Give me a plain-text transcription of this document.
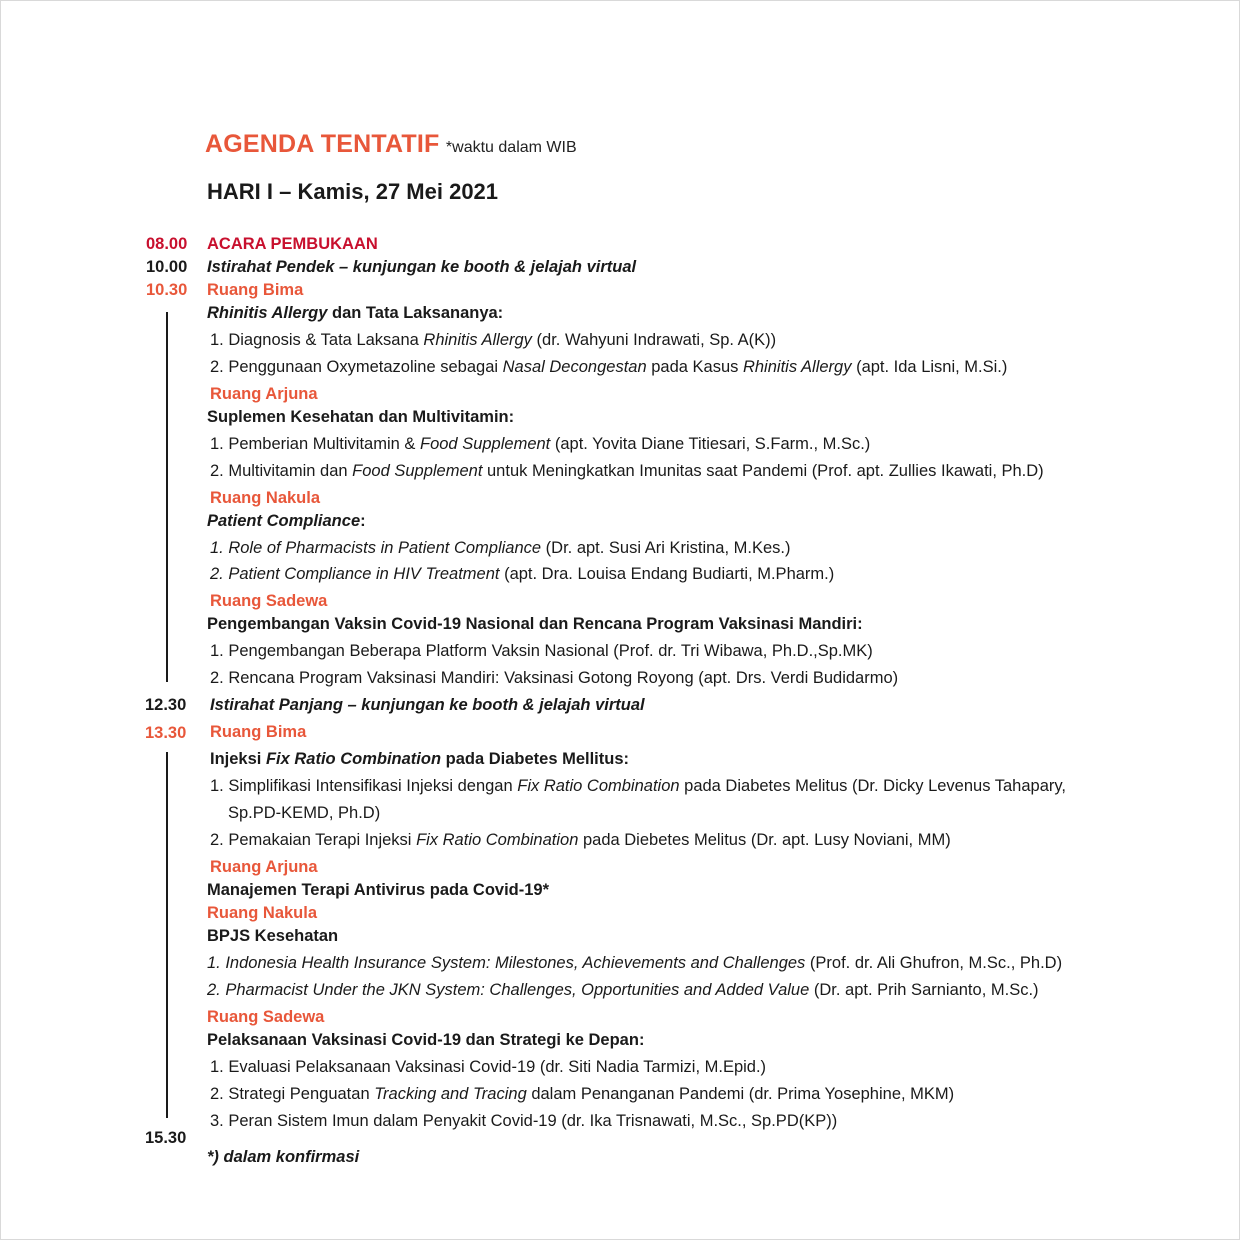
AGENDA TENTATIF *waktu dalam WIB
HARI I – Kamis, 27 Mei 2021
08.00
10.00
10.30
12.30
13.30
15.30
ACARA PEMBUKAAN
Istirahat Pendek – kunjungan ke booth & jelajah virtual
Ruang Bima
Rhinitis Allergy dan Tata Laksananya:
1. Diagnosis & Tata Laksana Rhinitis Allergy (dr. Wahyuni Indrawati, Sp. A(K))
2. Penggunaan Oxymetazoline sebagai Nasal Decongestan pada Kasus Rhinitis Allergy (apt. Ida Lisni, M.Si.)
Ruang Arjuna
Suplemen Kesehatan dan Multivitamin:
1. Pemberian Multivitamin & Food Supplement (apt. Yovita Diane Titiesari, S.Farm., M.Sc.)
2. Multivitamin dan Food Supplement untuk Meningkatkan Imunitas saat Pandemi (Prof. apt. Zullies Ikawati, Ph.D)
Ruang Nakula
Patient Compliance:
1. Role of Pharmacists in Patient Compliance (Dr. apt. Susi Ari Kristina, M.Kes.)
2. Patient Compliance in HIV Treatment (apt. Dra. Louisa Endang Budiarti, M.Pharm.)
Ruang Sadewa
Pengembangan Vaksin Covid-19 Nasional dan Rencana Program Vaksinasi Mandiri:
1. Pengembangan Beberapa Platform Vaksin Nasional (Prof. dr. Tri Wibawa, Ph.D.,Sp.MK)
2. Rencana Program Vaksinasi Mandiri: Vaksinasi Gotong Royong (apt. Drs. Verdi Budidarmo)
Istirahat Panjang – kunjungan ke booth & jelajah virtual
Ruang Bima
Injeksi Fix Ratio Combination pada Diabetes Mellitus:
1. Simplifikasi Intensifikasi Injeksi dengan Fix Ratio Combination pada Diabetes Melitus (Dr. Dicky Levenus Tahapary,
Sp.PD-KEMD, Ph.D)
2. Pemakaian Terapi Injeksi Fix Ratio Combination pada Diebetes Melitus (Dr. apt. Lusy Noviani, MM)
Ruang Arjuna
Manajemen Terapi Antivirus pada Covid-19*
Ruang Nakula
BPJS Kesehatan
1. Indonesia Health Insurance System: Milestones, Achievements and Challenges (Prof. dr. Ali Ghufron, M.Sc., Ph.D)
2. Pharmacist Under the JKN System: Challenges, Opportunities and Added Value (Dr. apt. Prih Sarnianto, M.Sc.)
Ruang Sadewa
Pelaksanaan Vaksinasi Covid-19 dan Strategi ke Depan:
1. Evaluasi Pelaksanaan Vaksinasi Covid-19 (dr. Siti Nadia Tarmizi, M.Epid.)
2. Strategi Penguatan Tracking and Tracing dalam Penanganan Pandemi (dr. Prima Yosephine, MKM)
3. Peran Sistem Imun dalam Penyakit Covid-19 (dr. Ika Trisnawati, M.Sc., Sp.PD(KP))
*) dalam konfirmasi
